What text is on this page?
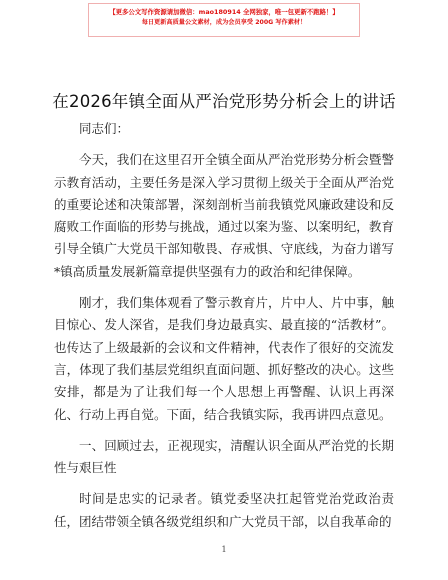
【更多公文写作资源请加微信：mao180914 全网独家，唯一包更新不跑路！】
每日更新高质量公文素材，成为会员享受 200G 写作素材！
在2026年镇全面从严治党形势分析会上的讲话

同志们：

今天，我们在这里召开全镇全面从严治党形势分析会暨警示教育活动，主要任务是深入学习贯彻上级关于全面从严治党的重要论述和决策部署，深刻剖析当前我镇党风廉政建设和反腐败工作面临的形势与挑战，通过以案为鉴、以案明纪，教育引导全镇广大党员干部知敬畏、存戒惧、守底线，为奋力谱写*镇高质量发展新篇章提供坚强有力的政治和纪律保障。

刚才，我们集体观看了警示教育片，片中人、片中事，触目惊心、发人深省，是我们身边最真实、最直接的“活教材”。也传达了上级最新的会议和文件精神，代表作了很好的交流发言，体现了我们基层党组织直面问题、抓好整改的决心。这些安排，都是为了让我们每一个人思想上再警醒、认识上再深化、行动上再自觉。下面，结合我镇实际，我再讲四点意见。

一、回顾过去，正视现实，清醒认识全面从严治党的长期性与艰巨性

时间是忠实的记录者。镇党委坚决扛起管党治党政治责任，团结带领全镇各级党组织和广大党员干部，以自我革命的

1
